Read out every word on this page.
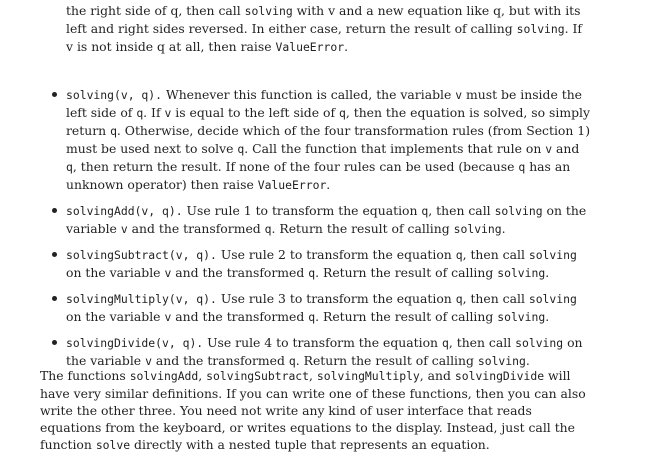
the right side of q, then call solving with v and a new equation like q, but with its left and right sides reversed. In either case, return the result of calling solving. If v is not inside q at all, then raise ValueError.

solving(v, q). Whenever this function is called, the variable v must be inside the left side of q. If v is equal to the left side of q, then the equation is solved, so simply return q. Otherwise, decide which of the four transformation rules (from Section 1) must be used next to solve q. Call the function that implements that rule on v and q, then return the result. If none of the four rules can be used (because q has an unknown operator) then raise ValueError.
solvingAdd(v, q). Use rule 1 to transform the equation q, then call solving on the variable v and the transformed q. Return the result of calling solving.
solvingSubtract(v, q). Use rule 2 to transform the equation q, then call solving on the variable v and the transformed q. Return the result of calling solving.
solvingMultiply(v, q). Use rule 3 to transform the equation q, then call solving on the variable v and the transformed q. Return the result of calling solving.
solvingDivide(v, q). Use rule 4 to transform the equation q, then call solving on the variable v and the transformed q. Return the result of calling solving.

The functions solvingAdd, solvingSubtract, solvingMultiply, and solvingDivide will have very similar definitions. If you can write one of these functions, then you can also write the other three. You need not write any kind of user interface that reads equations from the keyboard, or writes equations to the display. Instead, just call the function solve directly with a nested tuple that represents an equation.
